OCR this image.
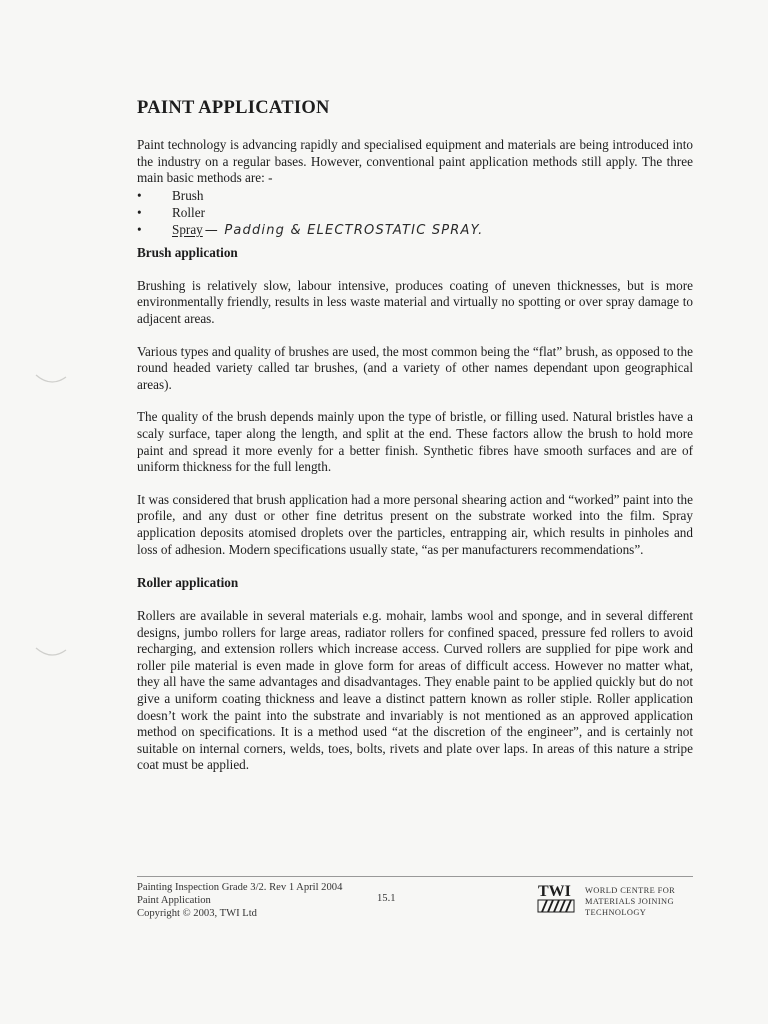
PAINT APPLICATION

Paint technology is advancing rapidly and specialised equipment and materials are being introduced into the industry on a regular bases. However, conventional paint application methods still apply. The three main basic methods are: -

• Brush
• Roller
• Spray — Padding & ELECTROSTATIC SPRAY.
Brush application

Brushing is relatively slow, labour intensive, produces coating of uneven thicknesses, but is more environmentally friendly, results in less waste material and virtually no spotting or over spray damage to adjacent areas.

Various types and quality of brushes are used, the most common being the “flat” brush, as opposed to the round headed variety called tar brushes, (and a variety of other names dependant upon geographical areas).

The quality of the brush depends mainly upon the type of bristle, or filling used. Natural bristles have a scaly surface, taper along the length, and split at the end. These factors allow the brush to hold more paint and spread it more evenly for a better finish. Synthetic fibres have smooth surfaces and are of uniform thickness for the full length.

It was considered that brush application had a more personal shearing action and “worked” paint into the profile, and any dust or other fine detritus present on the substrate worked into the film. Spray application deposits atomised droplets over the particles, entrapping air, which results in pinholes and loss of adhesion. Modern specifications usually state, “as per manufacturers recommendations”.

Roller application

Rollers are available in several materials e.g. mohair, lambs wool and sponge, and in several different designs, jumbo rollers for large areas, radiator rollers for confined spaced, pressure fed rollers to avoid recharging, and extension rollers which increase access. Curved rollers are supplied for pipe work and roller pile material is even made in glove form for areas of difficult access. However no matter what, they all have the same advantages and disadvantages. They enable paint to be applied quickly but do not give a uniform coating thickness and leave a distinct pattern known as roller stiple. Roller application doesn’t work the paint into the substrate and invariably is not mentioned as an approved application method on specifications. It is a method used “at the discretion of the engineer”, and is certainly not suitable on internal corners, welds, toes, bolts, rivets and plate over laps. In areas of this nature a stripe coat must be applied.

Painting Inspection Grade 3/2. Rev 1 April 2004
Paint Application
Copyright © 2003, TWI Ltd
15.1	TWI WORLD CENTRE FOR
MATERIALS JOINING
TECHNOLOGY
